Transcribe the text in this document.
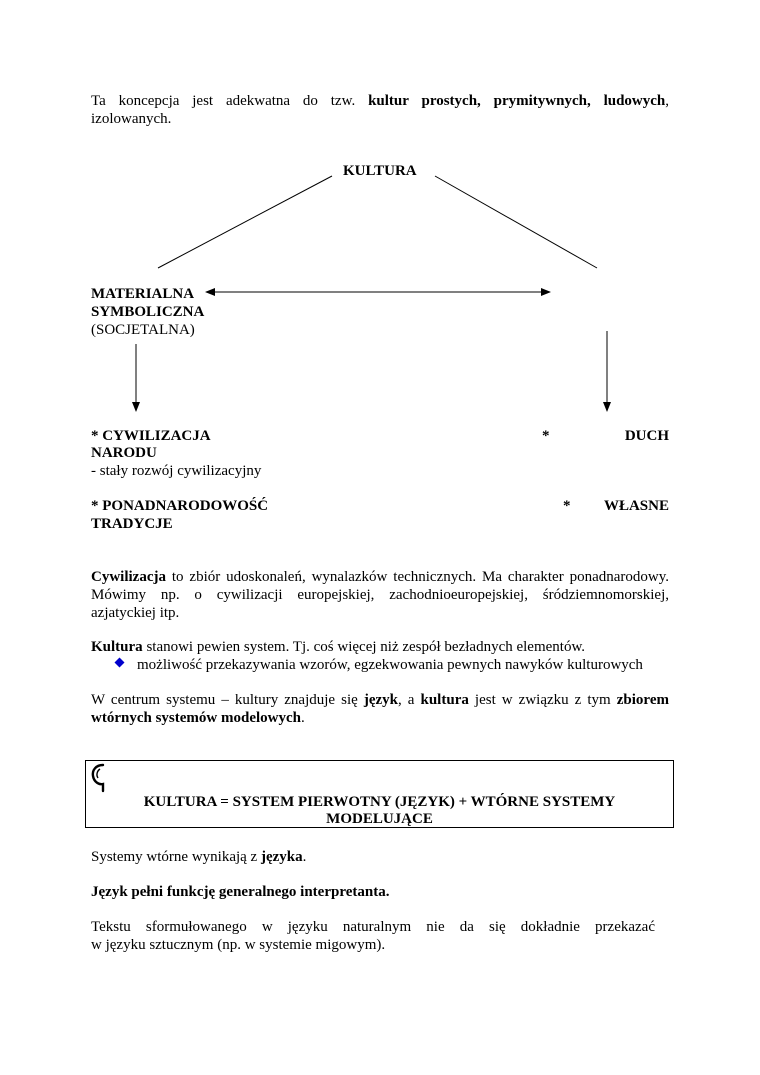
Ta koncepcja jest adekwatna do tzw. kultur prostych, prymitywnych, ludowych,
izolowanych.
KULTURA
MATERIALNA
SYMBOLICZNA
(SOCJETALNA)
* CYWILIZACJA	*	DUCH
NARODU
- stały rozwój cywilizacyjny
* PONADNARODOWOŚĆ	*	WŁASNE
TRADYCJE
Cywilizacja to zbiór udoskonaleń, wynalazków technicznych. Ma charakter ponadnarodowy.
Mówimy np. o cywilizacji europejskiej, zachodnioeuropejskiej, śródziemnomorskiej,
azjatyckiej itp.
Kultura stanowi pewien system. Tj. coś więcej niż zespół bezładnych elementów.
możliwość przekazywania wzorów, egzekwowania pewnych nawyków kulturowych
W centrum systemu – kultury znajduje się język, a kultura jest w związku z tym zbiorem
wtórnych systemów modelowych.
KULTURA = SYSTEM PIERWOTNY (JĘZYK) + WTÓRNE SYSTEMY
MODELUJĄCE
Systemy wtórne wynikają z języka.
Język pełni funkcję generalnego interpretanta.
Tekstu sformułowanego w języku naturalnym nie da się dokładnie przekazać
w języku sztucznym (np. w systemie migowym).
